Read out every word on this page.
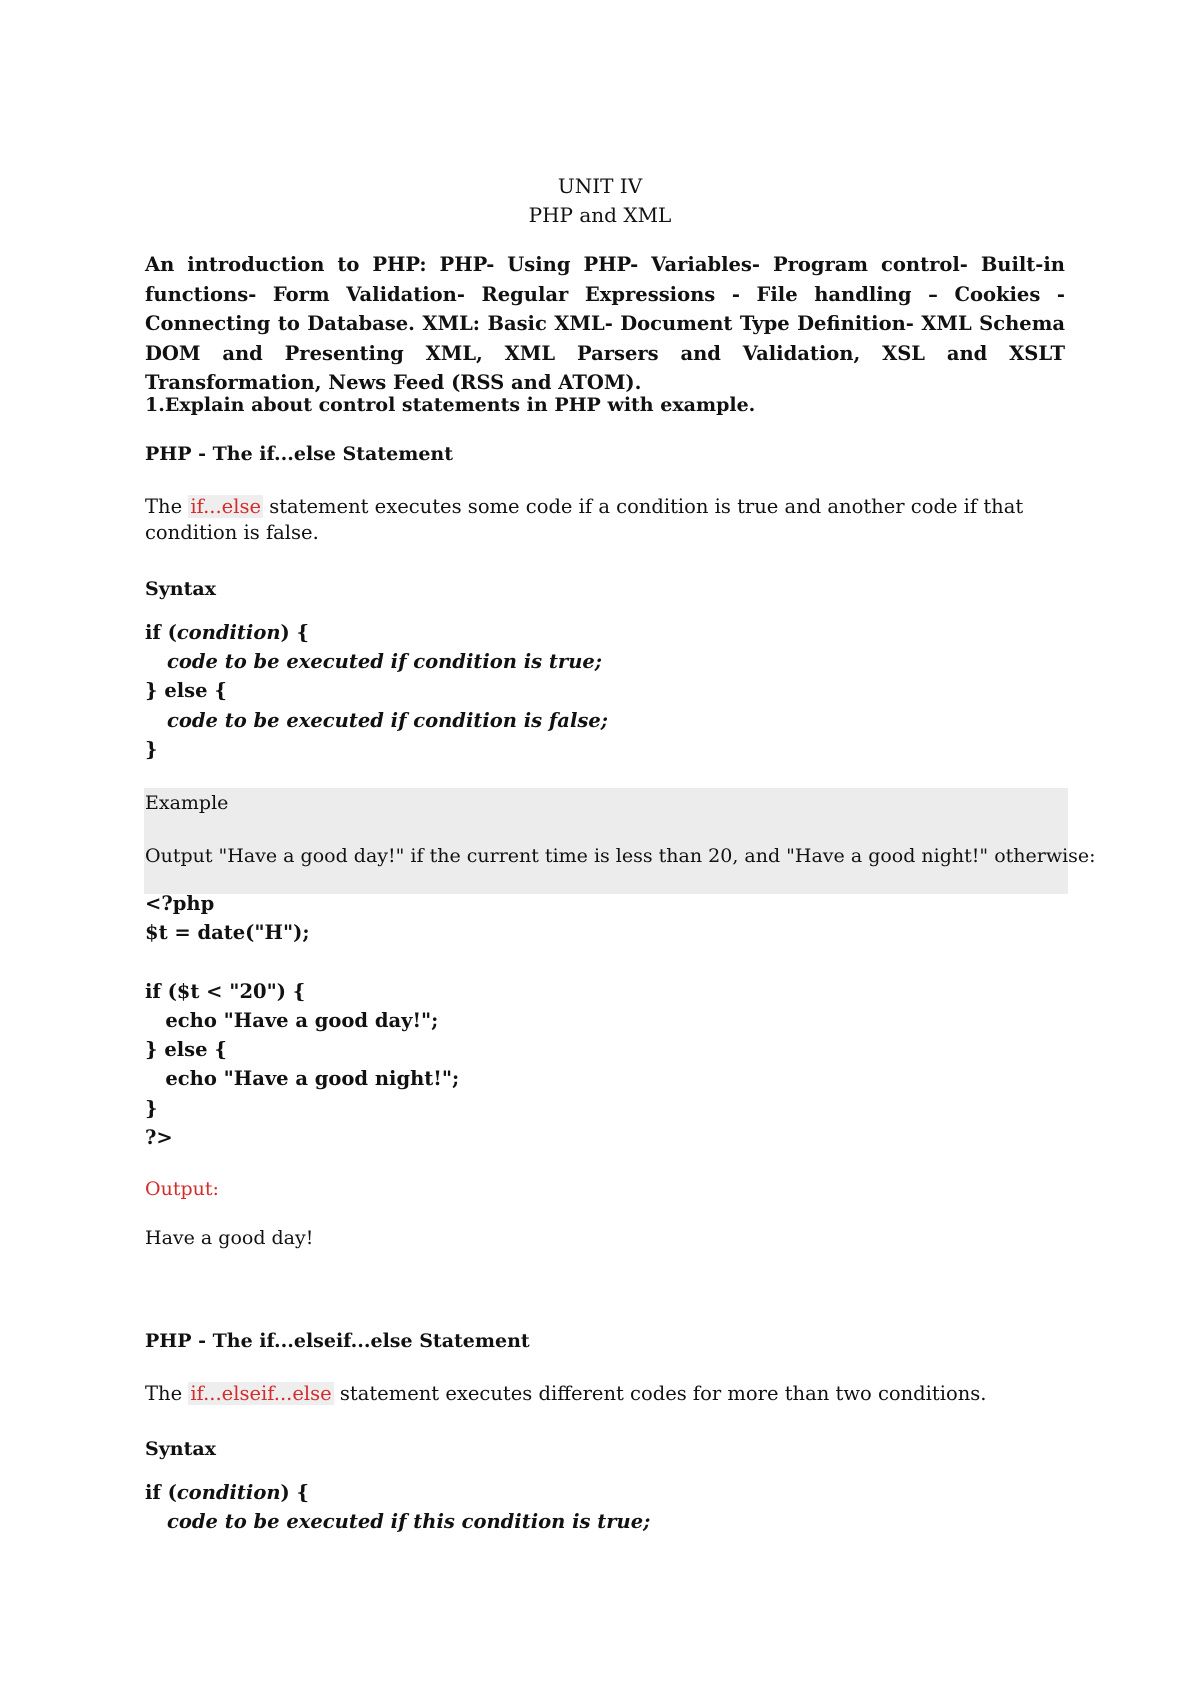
UNIT IV
PHP and XML
An introduction to PHP: PHP- Using PHP- Variables- Program control- Built-in functions- Form Validation- Regular Expressions - File handling – Cookies - Connecting to Database. XML: Basic XML- Document Type Definition- XML Schema DOM and Presenting XML, XML Parsers and Validation, XSL and XSLT Transformation, News Feed (RSS and ATOM).
1.Explain about control statements in PHP with example.
PHP - The if...else Statement
The if...else statement executes some code if a condition is true and another code if that condition is false.
Syntax
if (condition) {
code to be executed if condition is true;
} else {
code to be executed if condition is false;
}
Example
Output "Have a good day!" if the current time is less than 20, and "Have a good night!" otherwise:
<?php
$t = date("H");
if ($t < "20") {
echo "Have a good day!";
} else {
echo "Have a good night!";
}
?>
Output:
Have a good day!
PHP - The if...elseif...else Statement
The if...elseif...else statement executes different codes for more than two conditions.
Syntax
if (condition) {
code to be executed if this condition is true;
